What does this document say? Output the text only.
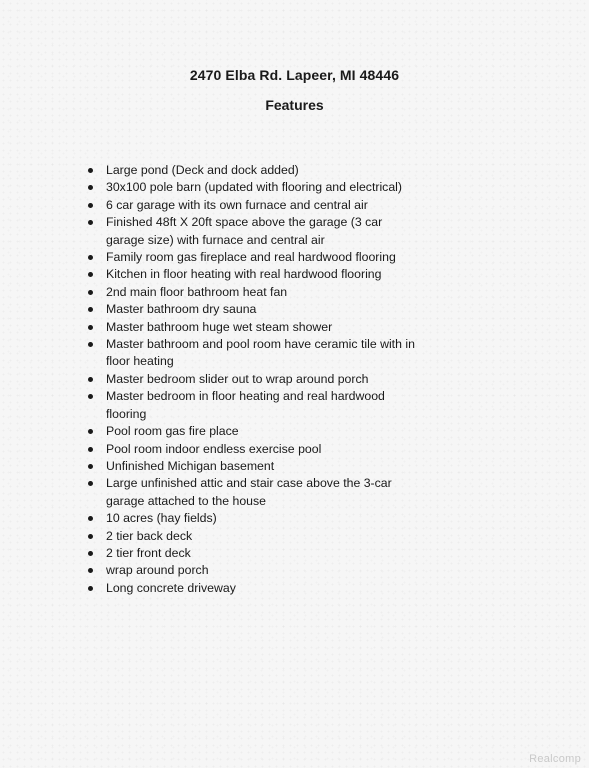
2470 Elba Rd. Lapeer, MI 48446
Features
Large pond (Deck and dock added)
30x100 pole barn (updated with flooring and electrical)
6 car garage with its own furnace and central air
Finished 48ft X 20ft space above the garage (3 car garage size) with furnace and central air
Family room gas fireplace and real hardwood flooring
Kitchen in floor heating with real hardwood flooring
2nd main floor bathroom heat fan
Master bathroom dry sauna
Master bathroom huge wet steam shower
Master bathroom and pool room have ceramic tile with in floor heating
Master bedroom slider out to wrap around porch
Master bedroom in floor heating and real hardwood flooring
Pool room gas fire place
Pool room indoor endless exercise pool
Unfinished Michigan basement
Large unfinished attic and stair case above the 3-car garage attached to the house
10 acres (hay fields)
2 tier back deck
2 tier front deck
wrap around porch
Long concrete driveway
Realcomp
